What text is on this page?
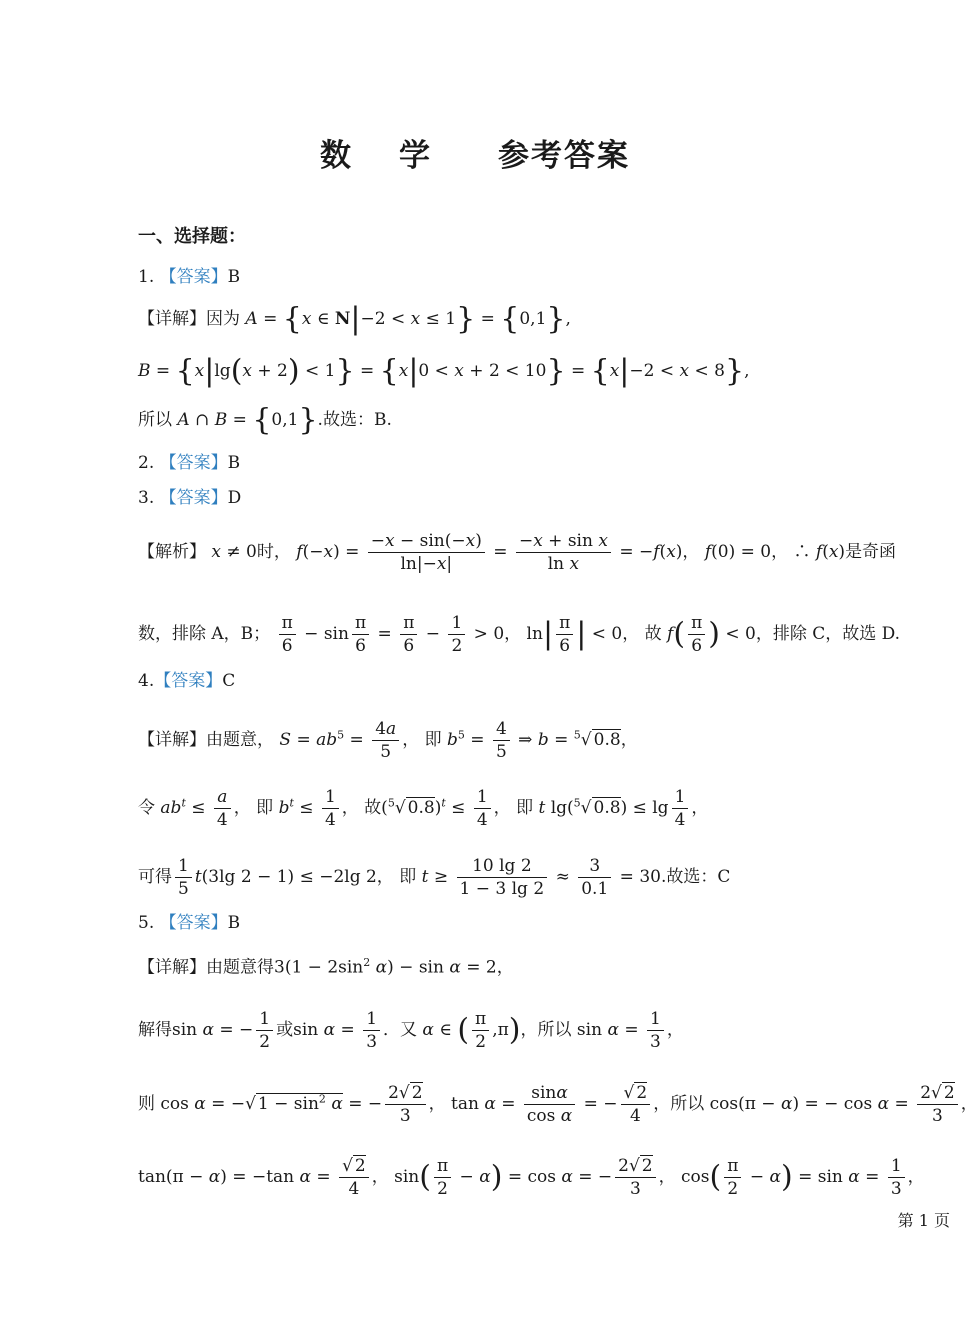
数 学 参考答案
一、选择题：
1. 【答案】B
【详解】因为 A = {x ∈ N|−2 < x ≤ 1} = {0,1},
B = {x|lg(x + 2) < 1} = {x|0 < x + 2 < 10} = {x|−2 < x < 8},
所以 A ∩ B = {0,1}.故选：B.
2. 【答案】B
3. 【答案】D
【解析】 x ≠ 0时， $f(-x) = \frac{-x - \sin(-x)}{\ln|-x|} = \frac{\text{−x + sin x}}{\text{ln x}} = -f(x)$， f(0) = 0， ∴ f(x)是奇函
数，排除 A，B； $\frac{\pi}{6} - \sin \frac{\pi}{6} = \frac{\pi}{6} - \frac{1}{2} > 0$， $\ln| \frac{\pi}{6}$ | < 0， 故 $f( \frac{\pi}{6}$ ) < 0，排除 C，故选 D.
4.【答案】C
【详解】由题意， $S = ab^5 = \frac{4a}{5}$ ， 即 $b^5 = \frac{4}{5}$ ⇒ b = $^5$√ 0.8，
令 $ab^t \le \frac{a}{4}$ ， 即 $b^t \le \frac{1}{4}$ ， 故($^5$√ $0.8)^t \le \frac{1}{4}$ ， 即 t lg($^5$√ $0.8) \le \lg \frac{1}{4}$ ，
可得 $\frac{1}{5} t(3\lg$ 2 − 1) ≤ −2lg 2， 即 $t \ge \frac{10 \lg 2}{1 - 3 \lg 2} \approx \frac{3}{0.1} = 30$.故选：C
5. 【答案】B
【详解】由题意得$3(1 - 2\sin^2$ α) − sin α = 2，
解得sin α = − $\frac{1}{2}$ 或$\sin \alpha = \frac{1}{3}$ ．又 α ∈ ( $\frac{\pi}{2} ,\pi$)，所以 $\sin \alpha = \frac{1}{3}$ ，
则 cos α = −√ $1 - \sin^2 \alpha$ = − $\frac{2√ 2}{3}$ ， $\tan \alpha = \frac{\sin\alpha}{\text{cos α}}$ = − $\frac{√ 2}{4}$ ，所以 cos(π − α) = − $\cos \alpha = \frac{2√ 2}{3}$ ，
tan(π − α) = −tan $\alpha = \frac{√ 2}{4}$ ， $\sin( \frac{\pi}{2} - \alpha) = \cos \alpha$ = − $\frac{2√ 2}{3}$ ， $\cos( \frac{\pi}{2} - \alpha) = \sin \alpha = \frac{1}{3}$ ，
第 1 页
